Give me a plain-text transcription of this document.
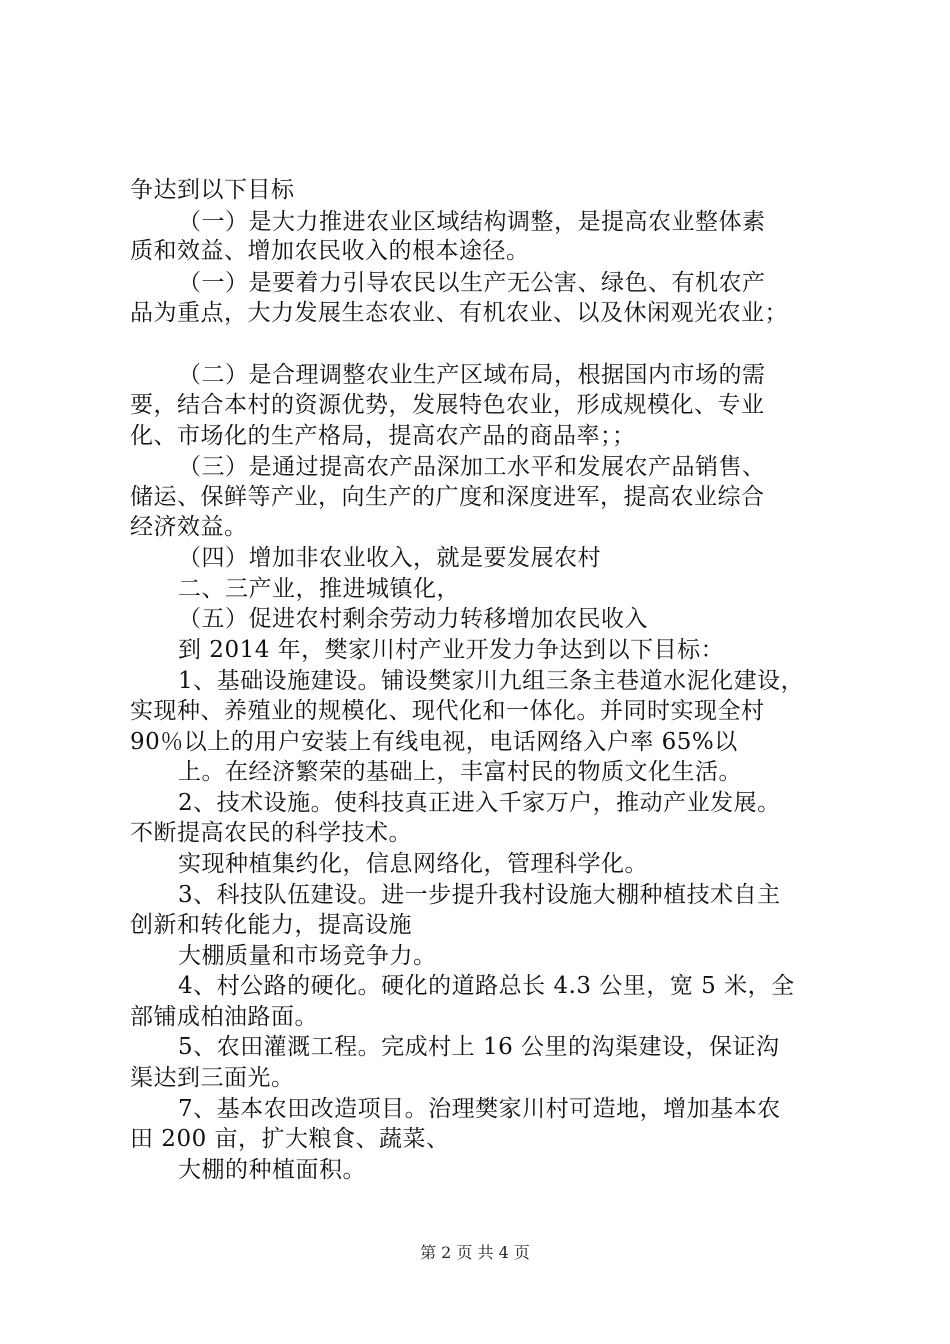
争达到以下目标
（一）是大力推进农业区域结构调整，是提高农业整体素
质和效益、增加农民收入的根本途径。
（一）是要着力引导农民以生产无公害、绿色、有机农产
品为重点，大力发展生态农业、有机农业、以及休闲观光农业；
（二）是合理调整农业生产区域布局，根据国内市场的需
要，结合本村的资源优势，发展特色农业，形成规模化、专业
化、市场化的生产格局，提高农产品的商品率；；
（三）是通过提高农产品深加工水平和发展农产品销售、
储运、保鲜等产业，向生产的广度和深度进军，提高农业综合
经济效益。
（四）增加非农业收入，就是要发展农村
二、三产业，推进城镇化，
（五）促进农村剩余劳动力转移增加农民收入
到 2014 年，樊家川村产业开发力争达到以下目标：
1、基础设施建设。铺设樊家川九组三条主巷道水泥化建设，
实现种、养殖业的规模化、现代化和一体化。并同时实现全村
90％以上的用户安装上有线电视，电话网络入户率 65%以
上。在经济繁荣的基础上，丰富村民的物质文化生活。
2、技术设施。使科技真正进入千家万户，推动产业发展。
不断提高农民的科学技术。
实现种植集约化，信息网络化，管理科学化。
3、科技队伍建设。进一步提升我村设施大棚种植技术自主
创新和转化能力，提高设施
大棚质量和市场竞争力。
4、村公路的硬化。硬化的道路总长 4.3 公里，宽 5 米，全
部铺成柏油路面。
5、农田灌溉工程。完成村上 16 公里的沟渠建设，保证沟
渠达到三面光。
7、基本农田改造项目。治理樊家川村可造地，增加基本农
田 200 亩，扩大粮食、蔬菜、
大棚的种植面积。
第 2 页 共 4 页
